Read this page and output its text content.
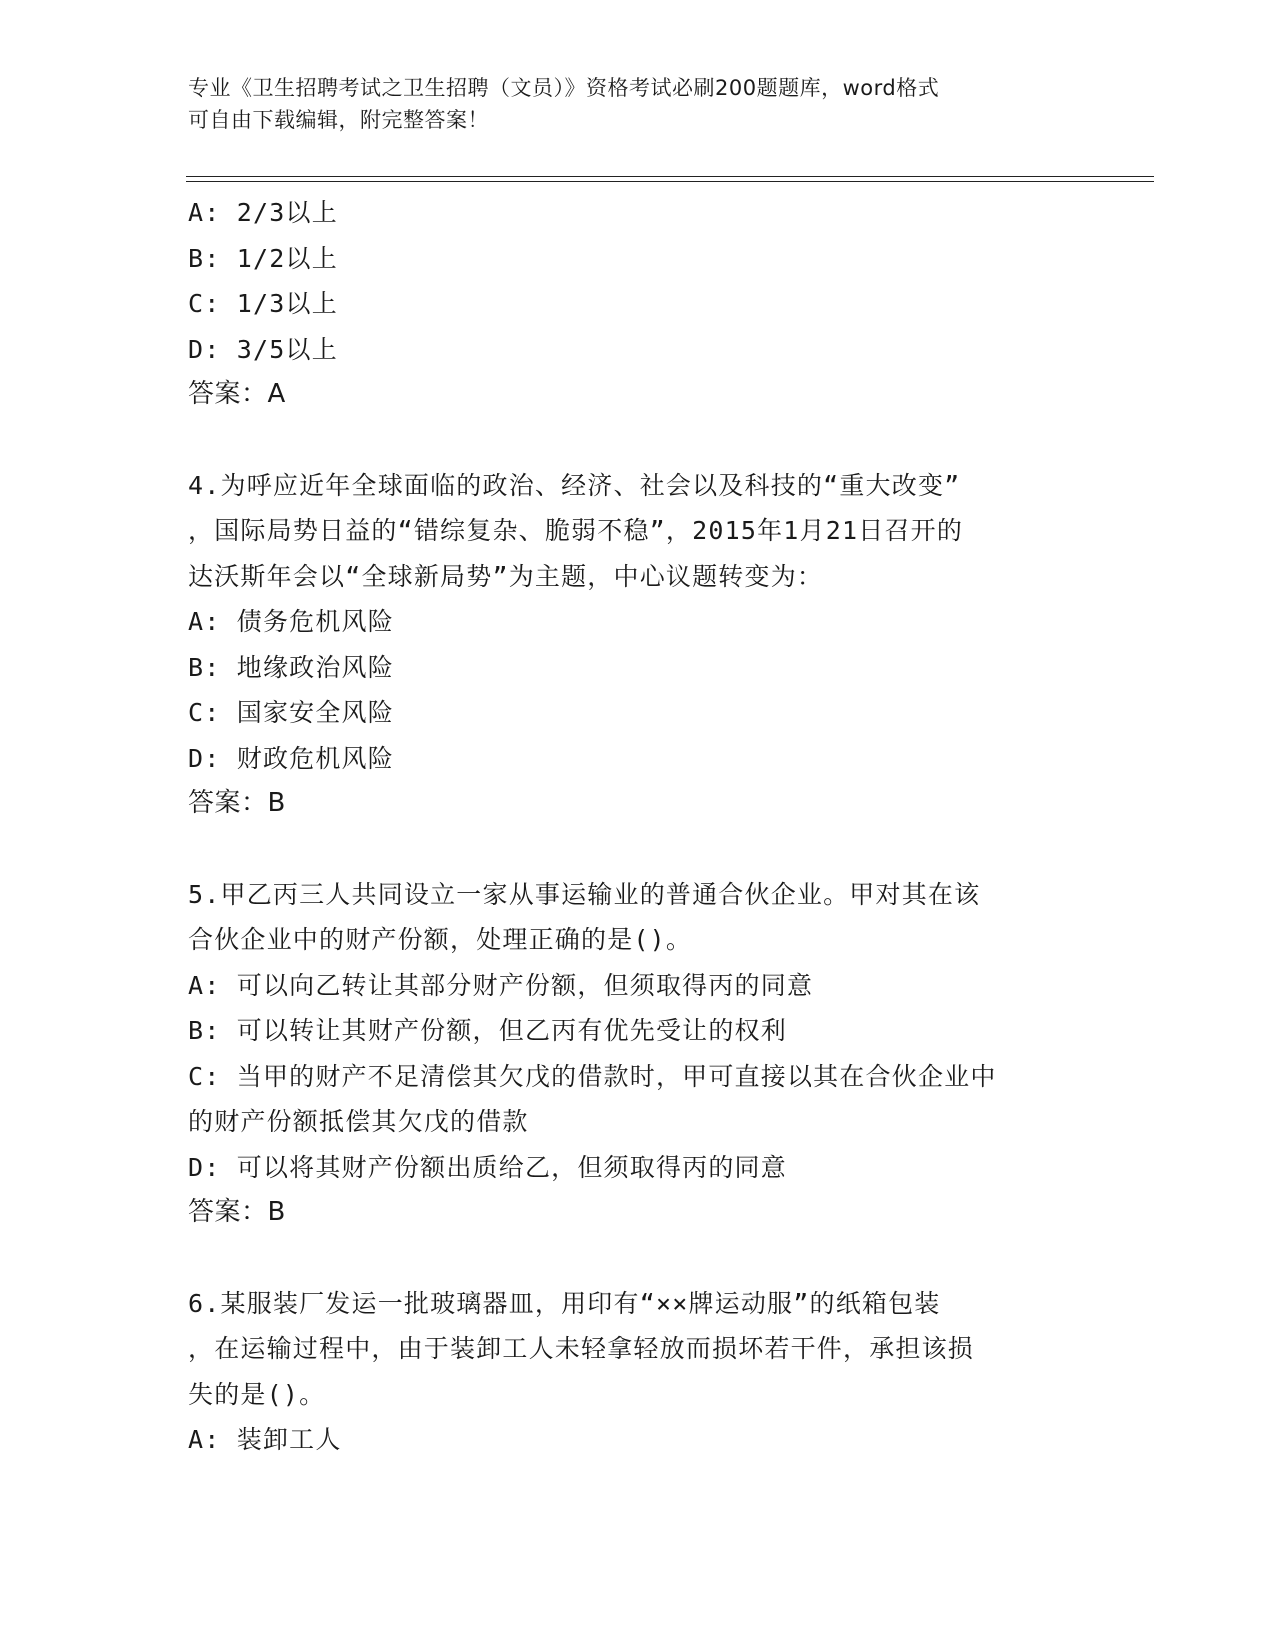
专业《卫生招聘考试之卫生招聘（文员）》资格考试必刷200题题库，word格式
可自由下载编辑，附完整答案！
A: 2/3以上
B: 1/2以上
C: 1/3以上
D: 3/5以上
答案：A
4.为呼应近年全球面临的政治、经济、社会以及科技的“重大改变”
，国际局势日益的“错综复杂、脆弱不稳”，2015年1月21日召开的
达沃斯年会以“全球新局势”为主题，中心议题转变为：
A: 债务危机风险
B: 地缘政治风险
C: 国家安全风险
D: 财政危机风险
答案：B
5.甲乙丙三人共同设立一家从事运输业的普通合伙企业。甲对其在该
合伙企业中的财产份额，处理正确的是()。
A: 可以向乙转让其部分财产份额，但须取得丙的同意
B: 可以转让其财产份额，但乙丙有优先受让的权利
C: 当甲的财产不足清偿其欠戊的借款时，甲可直接以其在合伙企业中
的财产份额抵偿其欠戊的借款
D: 可以将其财产份额出质给乙，但须取得丙的同意
答案：B
6.某服装厂发运一批玻璃器皿，用印有“××牌运动服”的纸箱包装
，在运输过程中，由于装卸工人未轻拿轻放而损坏若干件，承担该损
失的是()。
A: 装卸工人
